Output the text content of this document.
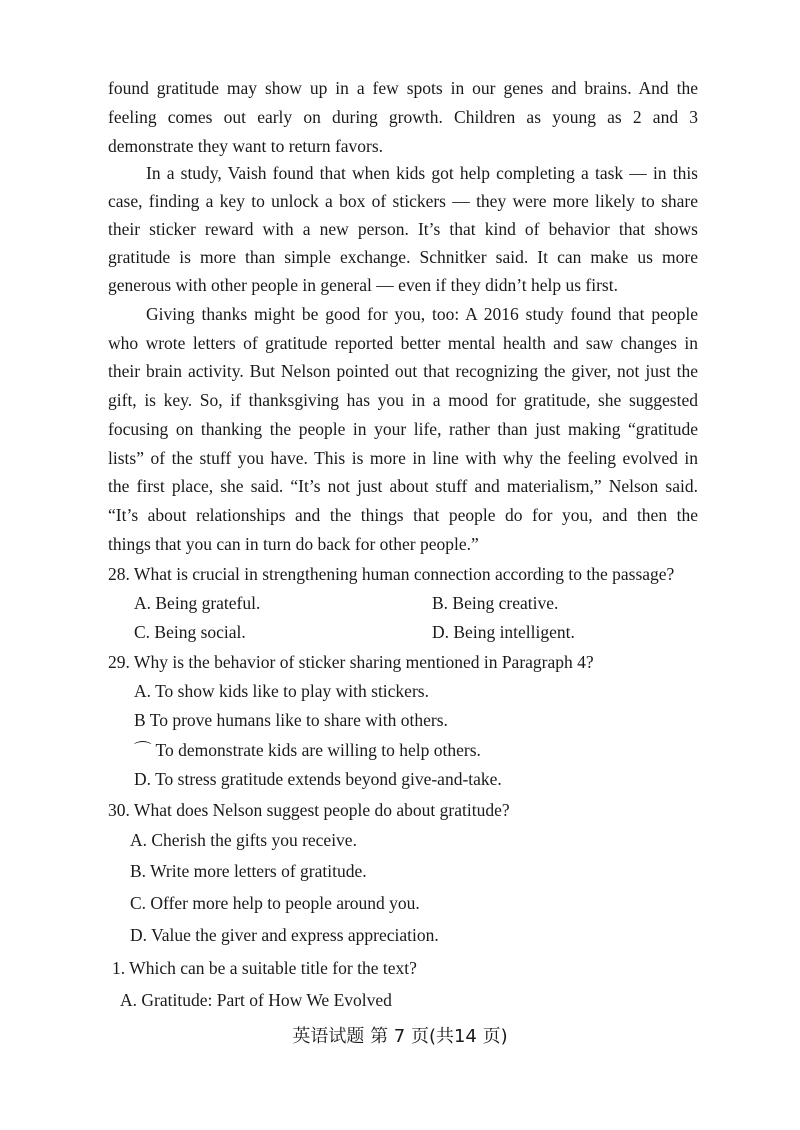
found gratitude may show up in a few spots in our genes and brains. And the
feeling comes out early on during growth. Children as young as 2 and 3
demonstrate they want to return favors.
In a study, Vaish found that when kids got help completing a task — in this
case, finding a key to unlock a box of stickers — they were more likely to share
their sticker reward with a new person. It’s that kind of behavior that shows
gratitude is more than simple exchange. Schnitker said. It can make us more
generous with other people in general — even if they didn’t help us first.
Giving thanks might be good for you, too: A 2016 study found that people
who wrote letters of gratitude reported better mental health and saw changes in
their brain activity. But Nelson pointed out that recognizing the giver, not just the
gift, is key. So, if thanksgiving has you in a mood for gratitude, she suggested
focusing on thanking the people in your life, rather than just making “gratitude
lists” of the stuff you have. This is more in line with why the feeling evolved in
the first place, she said. “It’s not just about stuff and materialism,” Nelson said.
“It’s about relationships and the things that people do for you, and then the
things that you can in turn do back for other people.”
28. What is crucial in strengthening human connection according to the passage?
A. Being grateful.	B. Being creative.
C. Being social.	D. Being intelligent.
29. Why is the behavior of sticker sharing mentioned in Paragraph 4?
A. To show kids like to play with stickers.
B To prove humans like to share with others.
⌒ To demonstrate kids are willing to help others.
D. To stress gratitude extends beyond give-and-take.
30. What does Nelson suggest people do about gratitude?
A. Cherish the gifts you receive.
B. Write more letters of gratitude.
C. Offer more help to people around you.
D. Value the giver and express appreciation.
1. Which can be a suitable title for the text?
A. Gratitude: Part of How We Evolved
英语试题 第 7 页(共14 页)
